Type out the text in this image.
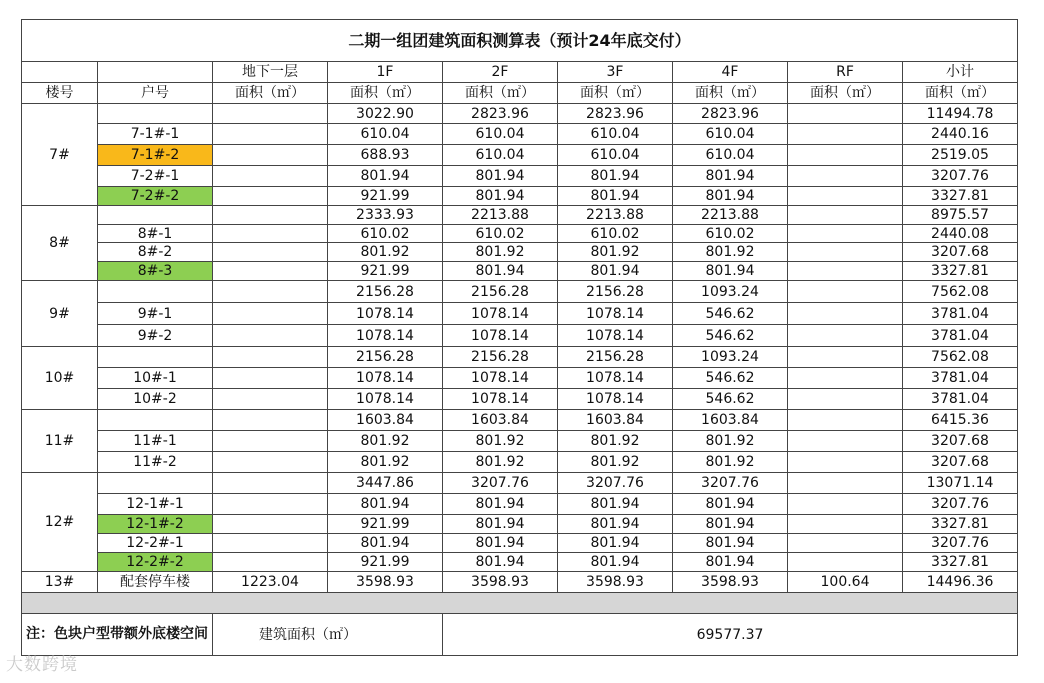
二期一组团建筑面积测算表（预计24年底交付）								
		地下一层	1F	2F	3F	4F	RF	小计
楼号	户号	面积（㎡）	面积（㎡）	面积（㎡）	面积（㎡）	面积（㎡）	面积（㎡）	面积（㎡）
7#			3022.90	2823.96	2823.96	2823.96		11494.78
	7-1#-1		610.04	610.04	610.04	610.04		2440.16
	7-1#-2		688.93	610.04	610.04	610.04		2519.05
	7-2#-1		801.94	801.94	801.94	801.94		3207.76
	7-2#-2		921.99	801.94	801.94	801.94		3327.81
8#			2333.93	2213.88	2213.88	2213.88		8975.57
	8#-1		610.02	610.02	610.02	610.02		2440.08
	8#-2		801.92	801.92	801.92	801.92		3207.68
	8#-3		921.99	801.94	801.94	801.94		3327.81
9#			2156.28	2156.28	2156.28	1093.24		7562.08
	9#-1		1078.14	1078.14	1078.14	546.62		3781.04
	9#-2		1078.14	1078.14	1078.14	546.62		3781.04
10#			2156.28	2156.28	2156.28	1093.24		7562.08
	10#-1		1078.14	1078.14	1078.14	546.62		3781.04
	10#-2		1078.14	1078.14	1078.14	546.62		3781.04
11#			1603.84	1603.84	1603.84	1603.84		6415.36
	11#-1		801.92	801.92	801.92	801.92		3207.68
	11#-2		801.92	801.92	801.92	801.92		3207.68
12#			3447.86	3207.76	3207.76	3207.76		13071.14
	12-1#-1		801.94	801.94	801.94	801.94		3207.76
	12-1#-2		921.99	801.94	801.94	801.94		3327.81
	12-2#-1		801.94	801.94	801.94	801.94		3207.76
	12-2#-2		921.99	801.94	801.94	801.94		3327.81
13#	配套停车楼	1223.04	3598.93	3598.93	3598.93	3598.93	100.64	14496.36

注：色块户型带额外底楼空间		建筑面积（㎡）		69577.37				
大数跨境
